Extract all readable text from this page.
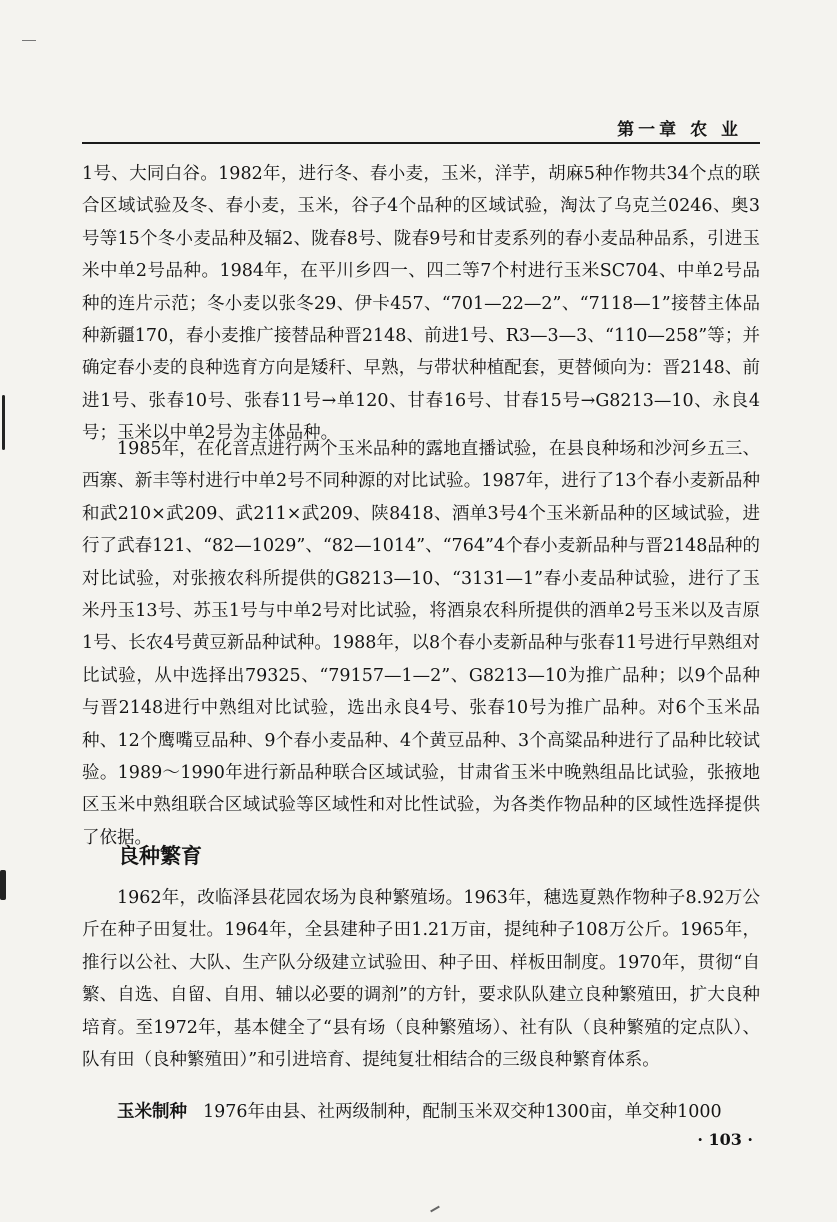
第一章 农 业

1号、大同白谷。1982年，进行冬、春小麦，玉米，洋芋，胡麻5种作物共34个点的联合区域试验及冬、春小麦，玉米，谷子4个品种的区域试验，淘汰了乌克兰0246、奥3号等15个冬小麦品种及辐2、陇春8号、陇春9号和甘麦系列的春小麦品种品系，引进玉米中单2号品种。1984年，在平川乡四一、四二等7个村进行玉米SC704、中单2号品种的连片示范；冬小麦以张冬29、伊卡457、“701—22—2”、“7118—1”接替主体品种新疆170，春小麦推广接替品种晋2148、前进1号、R3—3—3、“110—258”等；并确定春小麦的良种选育方向是矮秆、早熟，与带状种植配套，更替倾向为：晋2148、前进1号、张春10号、张春11号→单120、甘春16号、甘春15号→G8213—10、永良4号；玉米以中单2号为主体品种。

1985年，在化音点进行两个玉米品种的露地直播试验，在县良种场和沙河乡五三、西寨、新丰等村进行中单2号不同种源的对比试验。1987年，进行了13个春小麦新品种和武210×武209、武211×武209、陕8418、酒单3号4个玉米新品种的区域试验，进行了武春121、“82—1029”、“82—1014”、“764”4个春小麦新品种与晋2148品种的对比试验，对张掖农科所提供的G8213—10、“3131—1”春小麦品种试验，进行了玉米丹玉13号、苏玉1号与中单2号对比试验，将酒泉农科所提供的酒单2号玉米以及吉原1号、长农4号黄豆新品种试种。1988年，以8个春小麦新品种与张春11号进行早熟组对比试验，从中选择出79325、“79157—1—2”、G8213—10为推广品种；以9个品种与晋2148进行中熟组对比试验，选出永良4号、张春10号为推广品种。对6个玉米品种、12个鹰嘴豆品种、9个春小麦品种、4个黄豆品种、3个高粱品种进行了品种比较试验。1989～1990年进行新品种联合区域试验，甘肃省玉米中晚熟组品比试验，张掖地区玉米中熟组联合区域试验等区域性和对比性试验，为各类作物品种的区域性选择提供了依据。

良种繁育

1962年，改临泽县花园农场为良种繁殖场。1963年，穗选夏熟作物种子8.92万公斤在种子田复壮。1964年，全县建种子田1.21万亩，提纯种子108万公斤。1965年，推行以公社、大队、生产队分级建立试验田、种子田、样板田制度。1970年，贯彻“自繁、自选、自留、自用、辅以必要的调剂”的方针，要求队队建立良种繁殖田，扩大良种培育。至1972年，基本健全了“县有场（良种繁殖场）、社有队（良种繁殖的定点队）、队有田（良种繁殖田）”和引进培育、提纯复壮相结合的三级良种繁育体系。

玉米制种 1976年由县、社两级制种，配制玉米双交种1300亩，单交种1000

· 103 ·
